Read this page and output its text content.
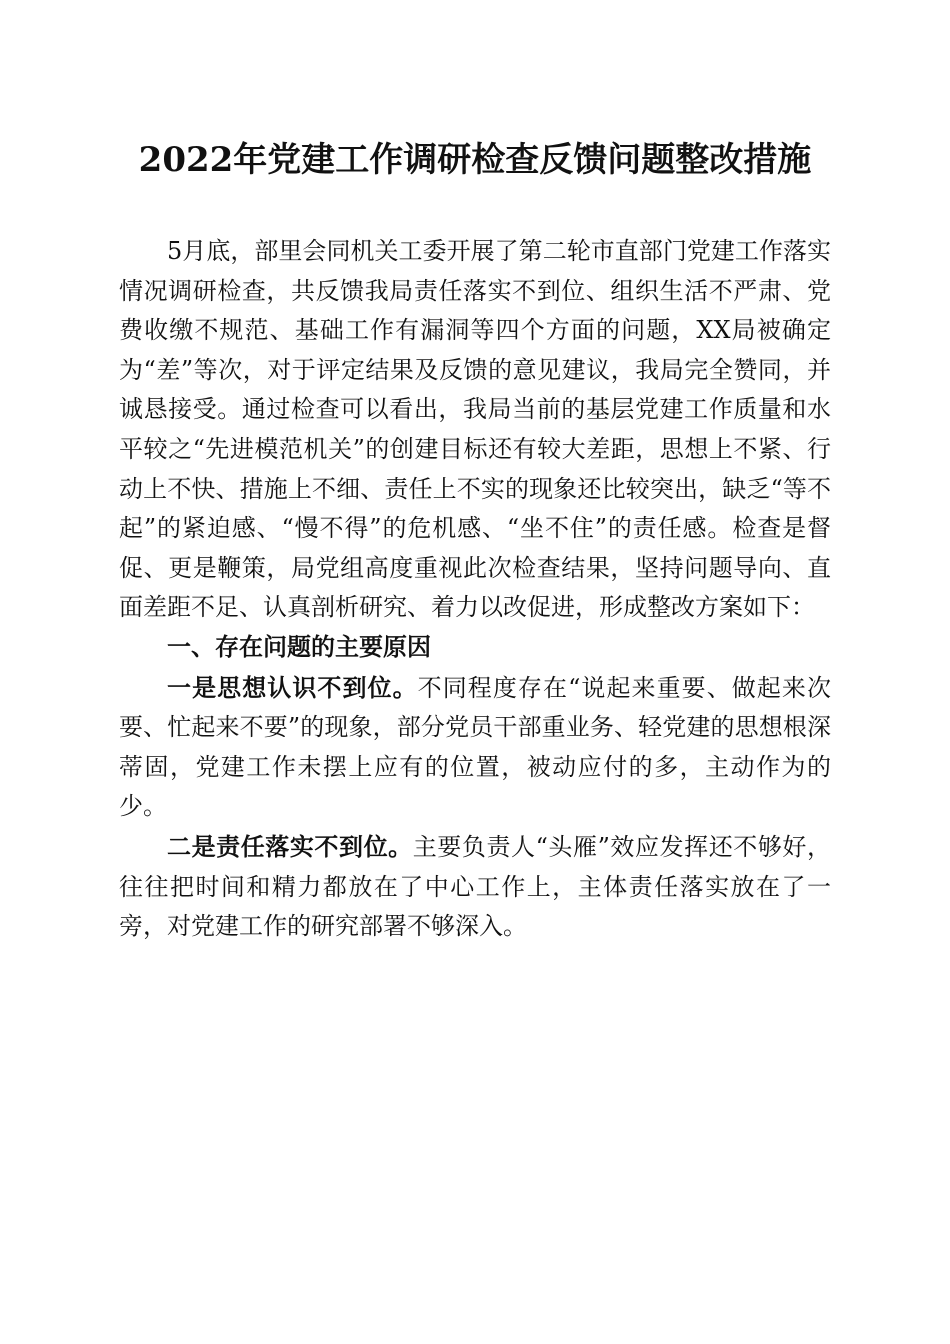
2022年党建工作调研检查反馈问题整改措施

5月底，部里会同机关工委开展了第二轮市直部门党建工作落实情况调研检查，共反馈我局责任落实不到位、组织生活不严肃、党费收缴不规范、基础工作有漏洞等四个方面的问题，XX局被确定为“差”等次，对于评定结果及反馈的意见建议，我局完全赞同，并诚恳接受。通过检查可以看出，我局当前的基层党建工作质量和水平较之“先进模范机关”的创建目标还有较大差距，思想上不紧、行动上不快、措施上不细、责任上不实的现象还比较突出，缺乏“等不起”的紧迫感、“慢不得”的危机感、“坐不住”的责任感。检查是督促、更是鞭策，局党组高度重视此次检查结果，坚持问题导向、直面差距不足、认真剖析研究、着力以改促进，形成整改方案如下：

一、存在问题的主要原因

一是思想认识不到位。不同程度存在“说起来重要、做起来次要、忙起来不要”的现象，部分党员干部重业务、轻党建的思想根深蒂固，党建工作未摆上应有的位置，被动应付的多，主动作为的少。

二是责任落实不到位。主要负责人“头雁”效应发挥还不够好，往往把时间和精力都放在了中心工作上，主体责任落实放在了一旁，对党建工作的研究部署不够深入。
